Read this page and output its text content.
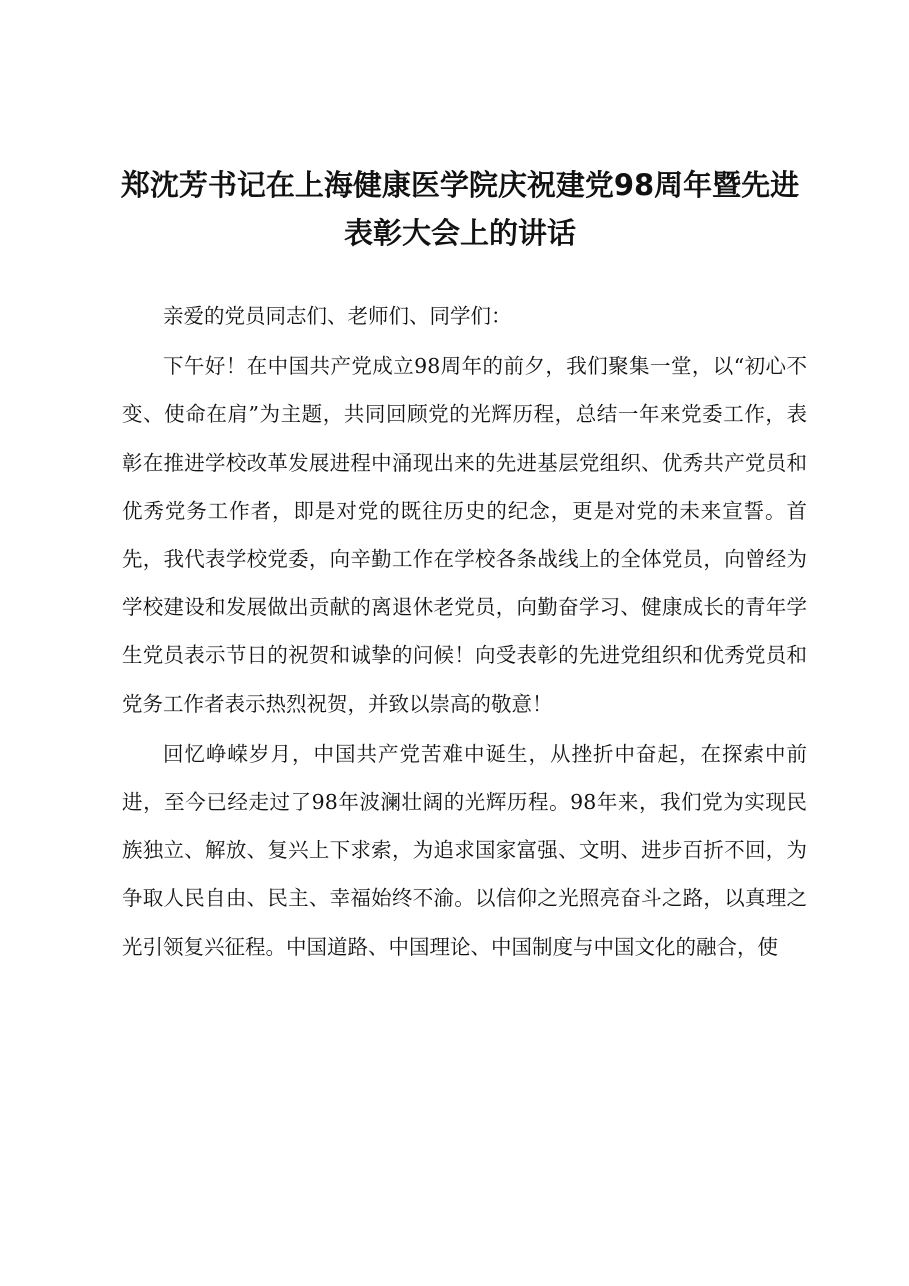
郑沈芳书记在上海健康医学院庆祝建党98周年暨先进表彰大会上的讲话

亲爱的党员同志们、老师们、同学们：

下午好！在中国共产党成立98周年的前夕，我们聚集一堂，以“初心不变、使命在肩”为主题，共同回顾党的光辉历程，总结一年来党委工作，表彰在推进学校改革发展进程中涌现出来的先进基层党组织、优秀共产党员和优秀党务工作者，即是对党的既往历史的纪念，更是对党的未来宣誓。首先，我代表学校党委，向辛勤工作在学校各条战线上的全体党员，向曾经为学校建设和发展做出贡献的离退休老党员，向勤奋学习、健康成长的青年学生党员表示节日的祝贺和诚挚的问候！向受表彰的先进党组织和优秀党员和党务工作者表示热烈祝贺，并致以崇高的敬意！

回忆峥嵘岁月，中国共产党苦难中诞生，从挫折中奋起，在探索中前进，至今已经走过了98年波澜壮阔的光辉历程。98年来，我们党为实现民族独立、解放、复兴上下求索，为追求国家富强、文明、进步百折不回，为争取人民自由、民主、幸福始终不渝。以信仰之光照亮奋斗之路，以真理之光引领复兴征程。中国道路、中国理论、中国制度与中国文化的融合，使
